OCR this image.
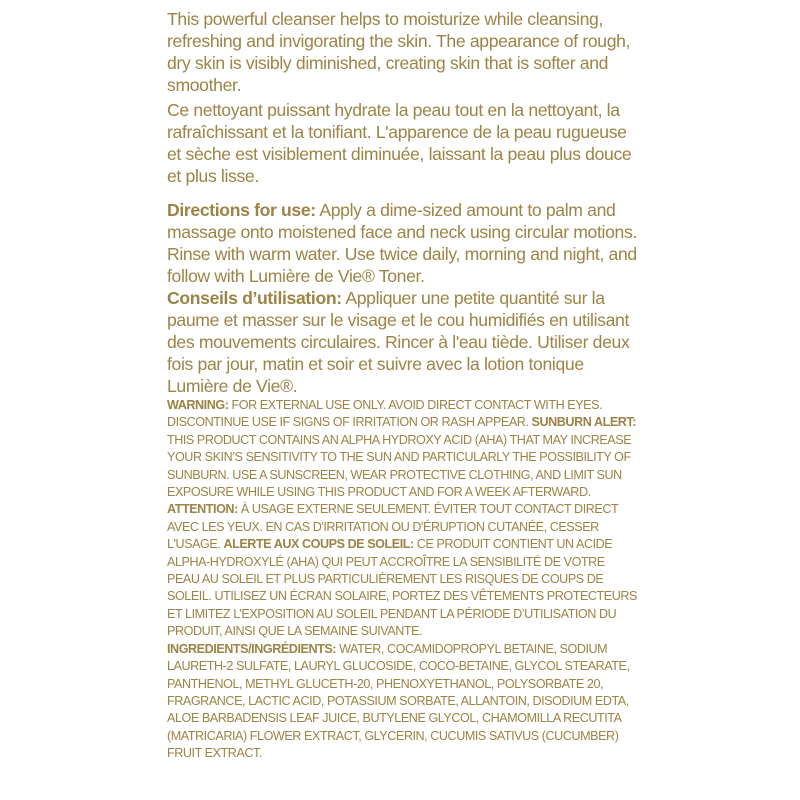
This powerful cleanser helps to moisturize while cleansing, refreshing and invigorating the skin. The appearance of rough, dry skin is visibly diminished, creating skin that is softer and smoother.

Ce nettoyant puissant hydrate la peau tout en la nettoyant, la rafraîchissant et la tonifiant. L'apparence de la peau rugueuse et sèche est visiblement diminuée, laissant la peau plus douce et plus lisse.

Directions for use: Apply a dime-sized amount to palm and massage onto moistened face and neck using circular motions. Rinse with warm water. Use twice daily, morning and night, and follow with Lumière de Vie® Toner.

Conseils d’utilisation: Appliquer une petite quantité sur la paume et masser sur le visage et le cou humidifiés en utilisant des mouvements circulaires. Rincer à l'eau tiède. Utiliser deux fois par jour, matin et soir et suivre avec la lotion tonique Lumière de Vie®.

WARNING: FOR EXTERNAL USE ONLY. AVOID DIRECT CONTACT WITH EYES. DISCONTINUE USE IF SIGNS OF IRRITATION OR RASH APPEAR. SUNBURN ALERT: THIS PRODUCT CONTAINS AN ALPHA HYDROXY ACID (AHA) THAT MAY INCREASE YOUR SKIN’S SENSITIVITY TO THE SUN AND PARTICULARLY THE POSSIBILITY OF SUNBURN. USE A SUNSCREEN, WEAR PROTECTIVE CLOTHING, AND LIMIT SUN EXPOSURE WHILE USING THIS PRODUCT AND FOR A WEEK AFTERWARD.

ATTENTION: À USAGE EXTERNE SEULEMENT. ÉVITER TOUT CONTACT DIRECT AVEC LES YEUX. EN CAS D'IRRITATION OU D'ÉRUPTION CUTANÉE, CESSER L'USAGE. ALERTE AUX COUPS DE SOLEIL: CE PRODUIT CONTIENT UN ACIDE ALPHA-HYDROXYLÉ (AHA) QUI PEUT ACCROÎTRE LA SENSIBILITÉ DE VOTRE PEAU AU SOLEIL ET PLUS PARTICULIÈREMENT LES RISQUES DE COUPS DE SOLEIL. UTILISEZ UN ÉCRAN SOLAIRE, PORTEZ DES VÊTEMENTS PROTECTEURS ET LIMITEZ L’EXPOSITION AU SOLEIL PENDANT LA PÉRIODE D’UTILISATION DU PRODUIT, AINSI QUE LA SEMAINE SUIVANTE.

INGREDIENTS/INGRÉDIENTS: WATER, COCAMIDOPROPYL BETAINE, SODIUM LAURETH-2 SULFATE, LAURYL GLUCOSIDE, COCO-BETAINE, GLYCOL STEARATE, PANTHENOL, METHYL GLUCETH-20, PHENOXYETHANOL, POLYSORBATE 20, FRAGRANCE, LACTIC ACID, POTASSIUM SORBATE, ALLANTOIN, DISODIUM EDTA, ALOE BARBADENSIS LEAF JUICE, BUTYLENE GLYCOL, CHAMOMILLA RECUTITA (MATRICARIA) FLOWER EXTRACT, GLYCERIN, CUCUMIS SATIVUS (CUCUMBER) FRUIT EXTRACT.
